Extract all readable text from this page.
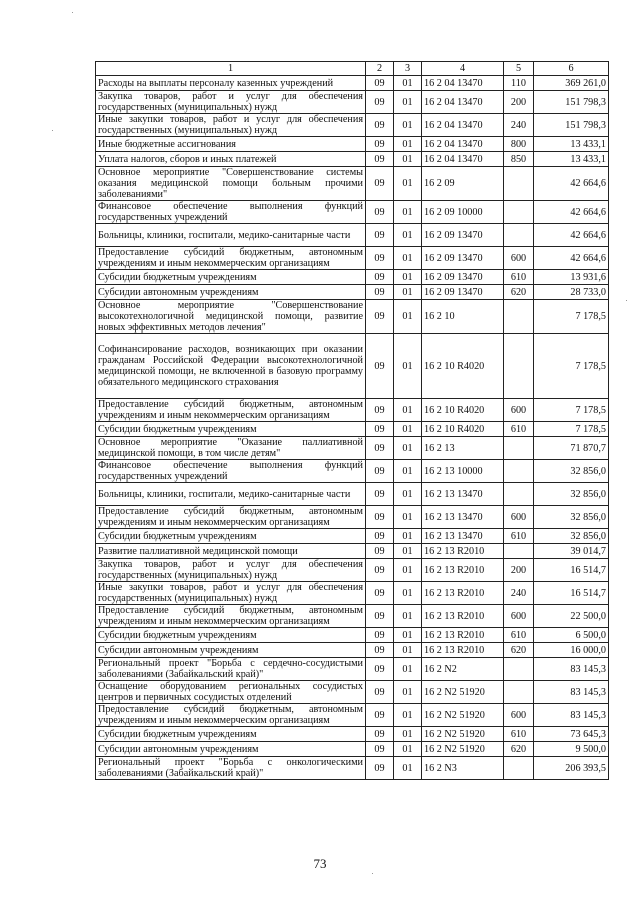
1	2	3	4	5	6
Расходы на выплаты персоналу казенных учреждений	09	01	16 2 04 13470	110	369 261,0
Закупка товаров, работ и услуг для обеспечения государственных (муниципальных) нужд	09	01	16 2 04 13470	200	151 798,3
Иные закупки товаров, работ и услуг для обеспечения государственных (муниципальных) нужд	09	01	16 2 04 13470	240	151 798,3
Иные бюджетные ассигнования	09	01	16 2 04 13470	800	13 433,1
Уплата налогов, сборов и иных платежей	09	01	16 2 04 13470	850	13 433,1
Основное мероприятие "Совершенствование системы оказания медицинской помощи больным прочими заболеваниями"	09	01	16 2 09		42 664,6
Финансовое обеспечение выполнения функций государственных учреждений	09	01	16 2 09 10000		42 664,6
Больницы, клиники, госпитали, медико-санитарные части	09	01	16 2 09 13470		42 664,6
Предоставление субсидий бюджетным, автономным учреждениям и иным некоммерческим организациям	09	01	16 2 09 13470	600	42 664,6
Субсидии бюджетным учреждениям	09	01	16 2 09 13470	610	13 931,6
Субсидии автономным учреждениям	09	01	16 2 09 13470	620	28 733,0
Основное мероприятие "Совершенствование высокотехнологичной медицинской помощи, развитие новых эффективных методов лечения"	09	01	16 2 10		7 178,5
Софинансирование расходов, возникающих при оказании гражданам Российской Федерации высокотехнологичной медицинской помощи, не включенной в базовую программу обязательного медицинского страхования	09	01	16 2 10 R4020		7 178,5
Предоставление субсидий бюджетным, автономным учреждениям и иным некоммерческим организациям	09	01	16 2 10 R4020	600	7 178,5
Субсидии бюджетным учреждениям	09	01	16 2 10 R4020	610	7 178,5
Основное мероприятие "Оказание паллиативной медицинской помощи, в том числе детям"	09	01	16 2 13		71 870,7
Финансовое обеспечение выполнения функций государственных учреждений	09	01	16 2 13 10000		32 856,0
Больницы, клиники, госпитали, медико-санитарные части	09	01	16 2 13 13470		32 856,0
Предоставление субсидий бюджетным, автономным учреждениям и иным некоммерческим организациям	09	01	16 2 13 13470	600	32 856,0
Субсидии бюджетным учреждениям	09	01	16 2 13 13470	610	32 856,0
Развитие паллиативной медицинской помощи	09	01	16 2 13 R2010		39 014,7
Закупка товаров, работ и услуг для обеспечения государственных (муниципальных) нужд	09	01	16 2 13 R2010	200	16 514,7
Иные закупки товаров, работ и услуг для обеспечения государственных (муниципальных) нужд	09	01	16 2 13 R2010	240	16 514,7
Предоставление субсидий бюджетным, автономным учреждениям и иным некоммерческим организациям	09	01	16 2 13 R2010	600	22 500,0
Субсидии бюджетным учреждениям	09	01	16 2 13 R2010	610	6 500,0
Субсидии автономным учреждениям	09	01	16 2 13 R2010	620	16 000,0
Региональный проект "Борьба с сердечно-сосудистыми заболеваниями (Забайкальский край)"	09	01	16 2 N2		83 145,3
Оснащение оборудованием региональных сосудистых центров и первичных сосудистых отделений	09	01	16 2 N2 51920		83 145,3
Предоставление субсидий бюджетным, автономным учреждениям и иным некоммерческим организациям	09	01	16 2 N2 51920	600	83 145,3
Субсидии бюджетным учреждениям	09	01	16 2 N2 51920	610	73 645,3
Субсидии автономным учреждениям	09	01	16 2 N2 51920	620	9 500,0
Региональный проект "Борьба с онкологическими заболеваниями (Забайкальский край)"	09	01	16 2 N3		206 393,5
73
